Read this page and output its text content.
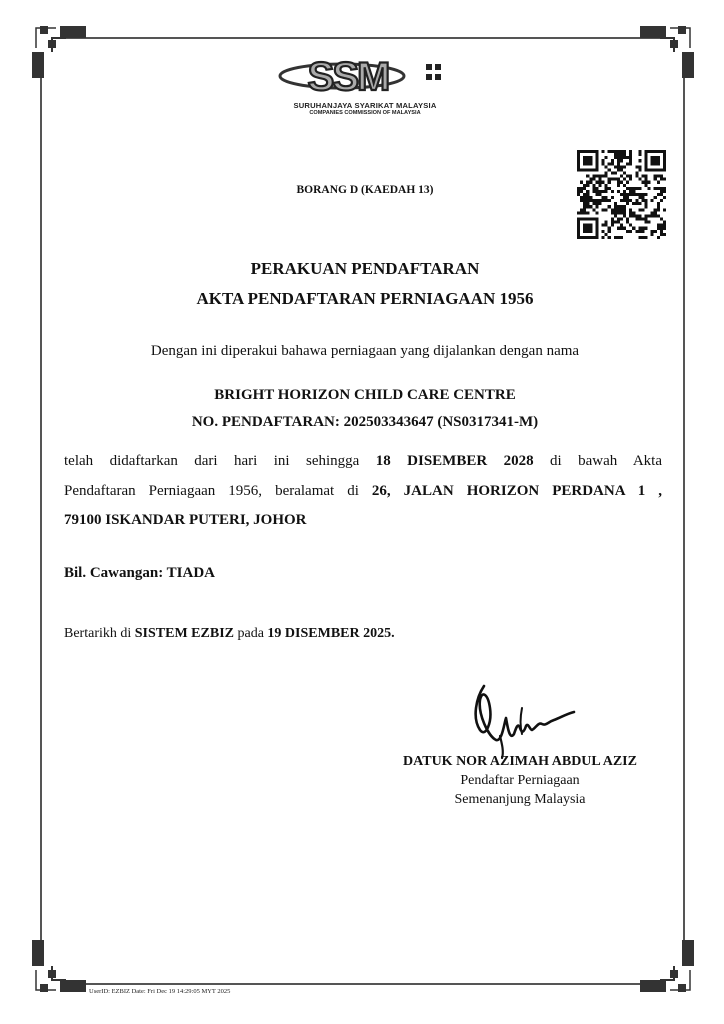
SSM
SURUHANJAYA SYARIKAT MALAYSIA
COMPANIES COMMISSION OF MALAYSIA
BORANG D (KAEDAH 13)
PERAKUAN PENDAFTARAN
AKTA PENDAFTARAN PERNIAGAAN 1956
Dengan ini diperakui bahawa perniagaan yang dijalankan dengan nama
BRIGHT HORIZON CHILD CARE CENTRE
NO. PENDAFTARAN: 202503343647 (NS0317341-M)
telah didaftarkan dari hari ini sehingga 18 DISEMBER 2028 di bawah Akta
Pendaftaran Perniagaan 1956, beralamat di 26, JALAN HORIZON PERDANA 1 ,
79100 ISKANDAR PUTERI, JOHOR
Bil. Cawangan: TIADA
Bertarikh di SISTEM EZBIZ pada 19 DISEMBER 2025.
DATUK NOR AZIMAH ABDUL AZIZ
Pendaftar Perniagaan
Semenanjung Malaysia
UserID: EZBIZ Date: Fri Dec 19 14:29:05 MYT 2025
